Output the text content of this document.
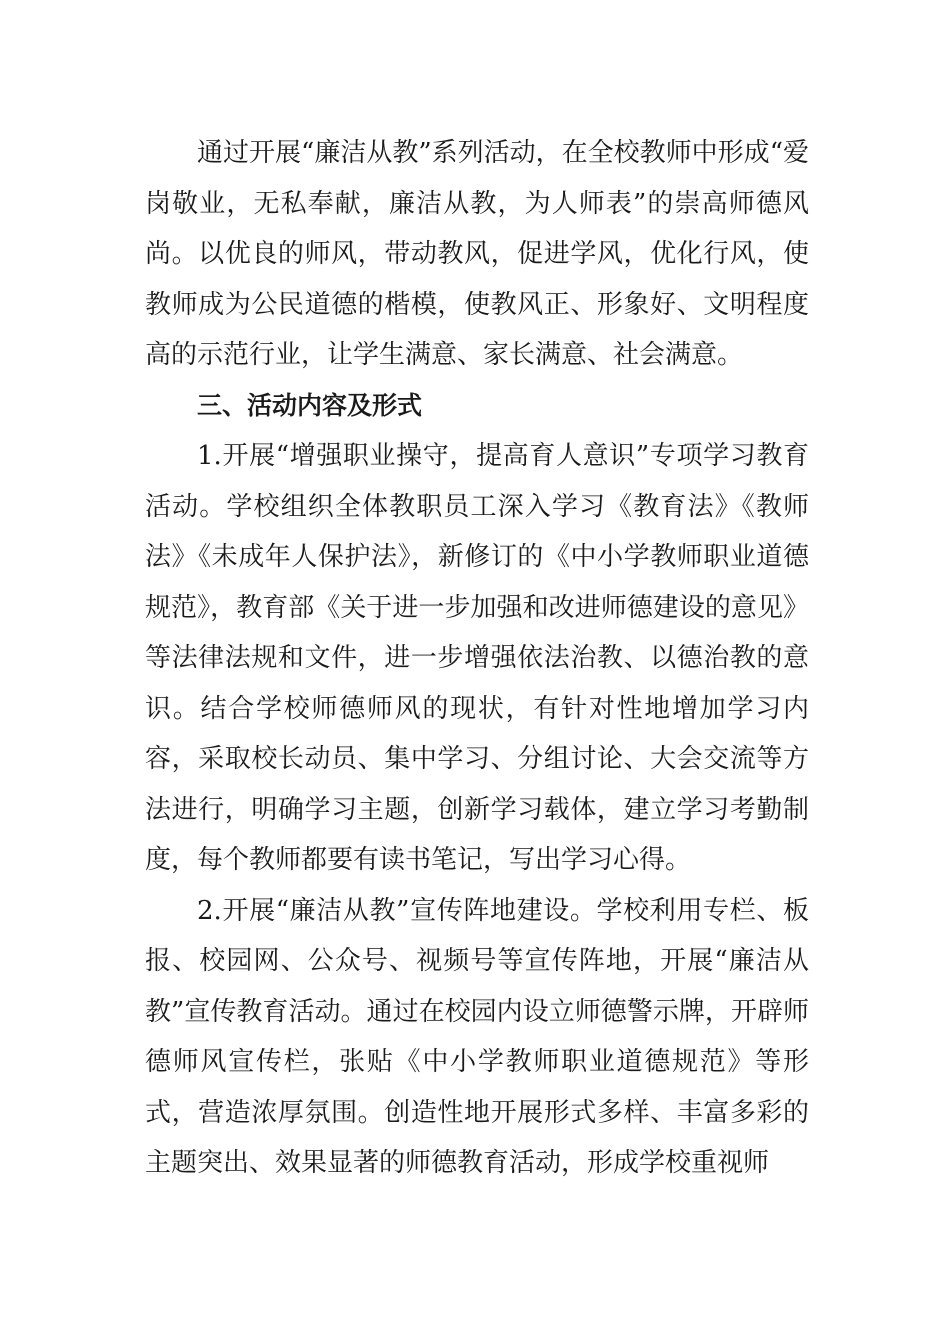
通过开展“廉洁从教”系列活动，在全校教师中形成“爱岗敬业，无私奉献，廉洁从教，为人师表”的崇高师德风尚。以优良的师风，带动教风，促进学风，优化行风，使教师成为公民道德的楷模，使教风正、形象好、文明程度高的示范行业，让学生满意、家长满意、社会满意。

三、活动内容及形式

1.开展“增强职业操守，提高育人意识”专项学习教育活动。学校组织全体教职员工深入学习《教育法》《教师法》《未成年人保护法》，新修订的《中小学教师职业道德规范》，教育部《关于进一步加强和改进师德建设的意见》等法律法规和文件，进一步增强依法治教、以德治教的意识。结合学校师德师风的现状，有针对性地增加学习内容，采取校长动员、集中学习、分组讨论、大会交流等方法进行，明确学习主题，创新学习载体，建立学习考勤制度，每个教师都要有读书笔记，写出学习心得。

2.开展“廉洁从教”宣传阵地建设。学校利用专栏、板报、校园网、公众号、视频号等宣传阵地，开展“廉洁从教”宣传教育活动。通过在校园内设立师德警示牌，开辟师德师风宣传栏，张贴《中小学教师职业道德规范》等形式，营造浓厚氛围。创造性地开展形式多样、丰富多彩的主题突出、效果显著的师德教育活动，形成学校重视师
